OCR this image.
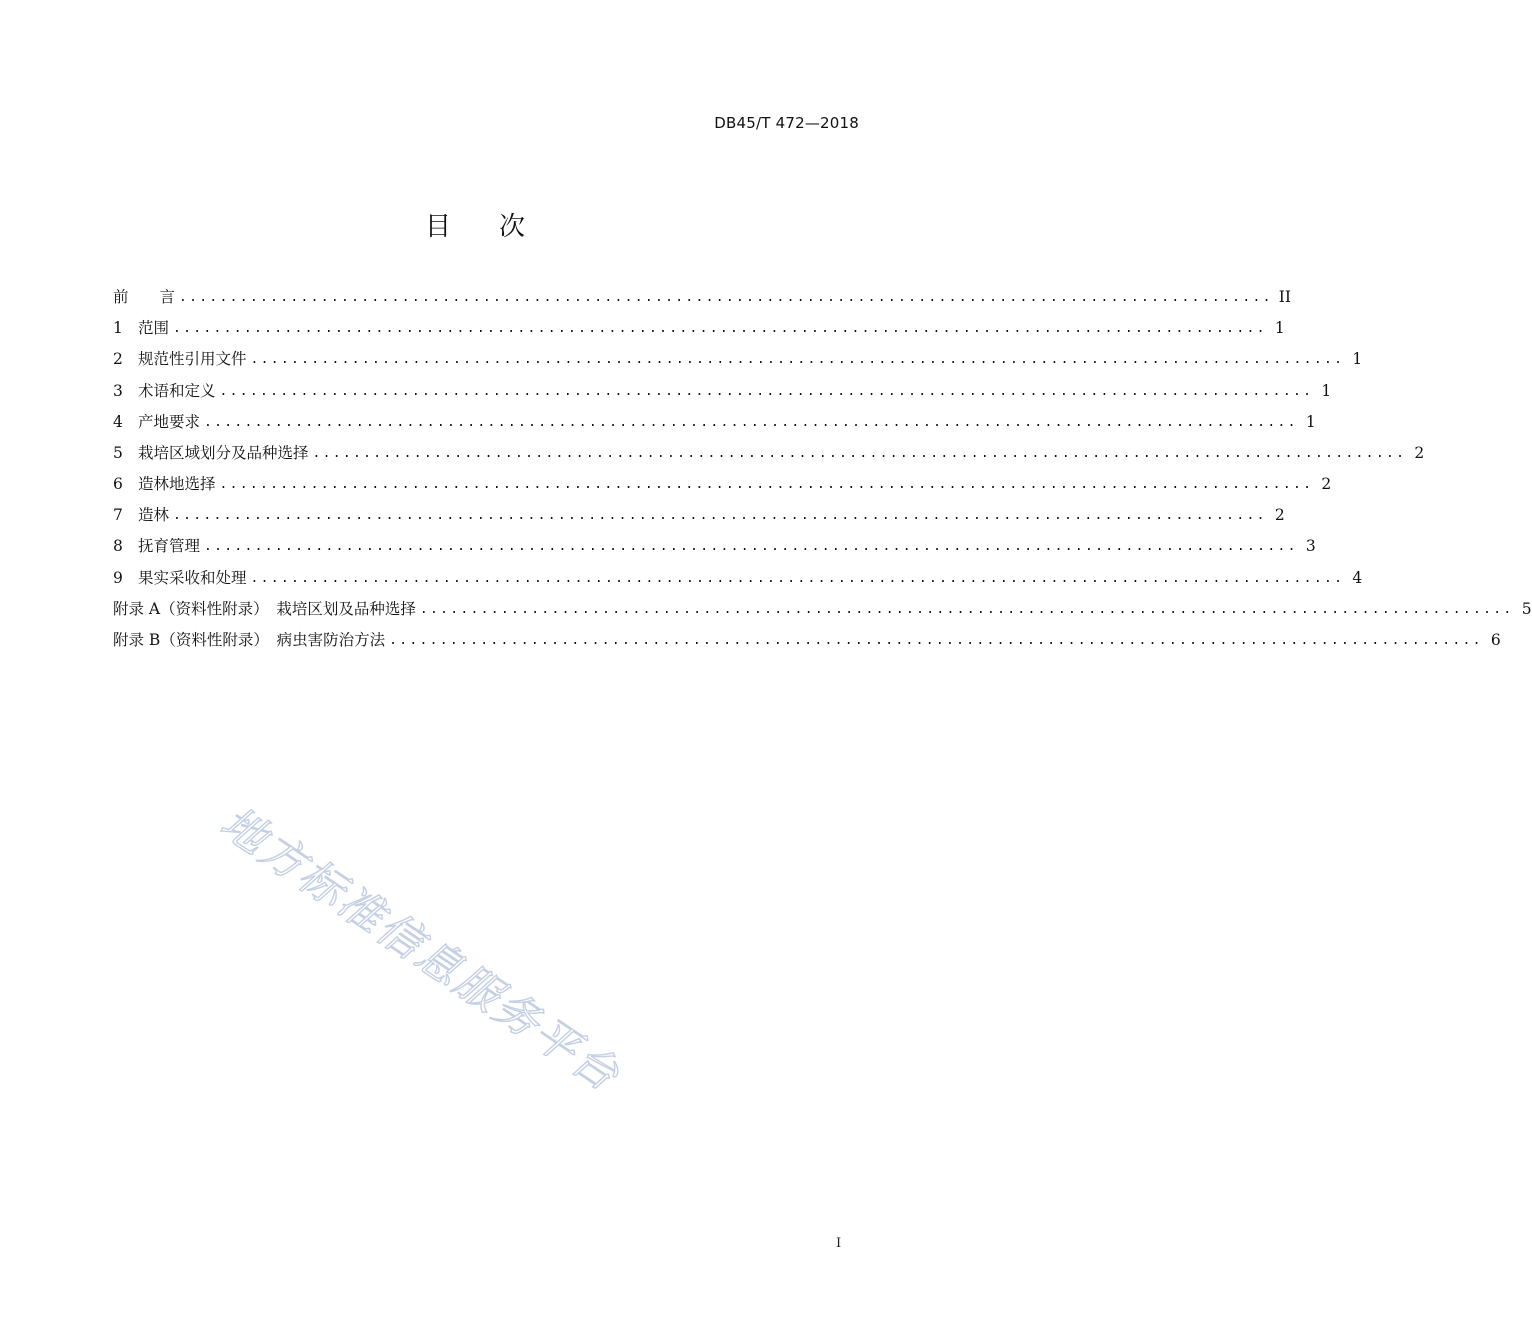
DB45/T 472—2018
目 次
前　　言 ............................................................................................................ II
1 范围 ............................................................................................................ 1
2 规范性引用文件 ............................................................................................................ 1
3 术语和定义 ............................................................................................................ 1
4 产地要求 ............................................................................................................ 1
5 栽培区域划分及品种选择 ............................................................................................................ 2
6 造林地选择 ............................................................................................................ 2
7 造林 ............................................................................................................ 2
8 抚育管理 ............................................................................................................ 3
9 果实采收和处理 ............................................................................................................ 4
附录 A（资料性附录）　栽培区划及品种选择 ............................................................................................................ 5
附录 B（资料性附录）　病虫害防治方法 ............................................................................................................ 6
地方标准信息服务平台
I
